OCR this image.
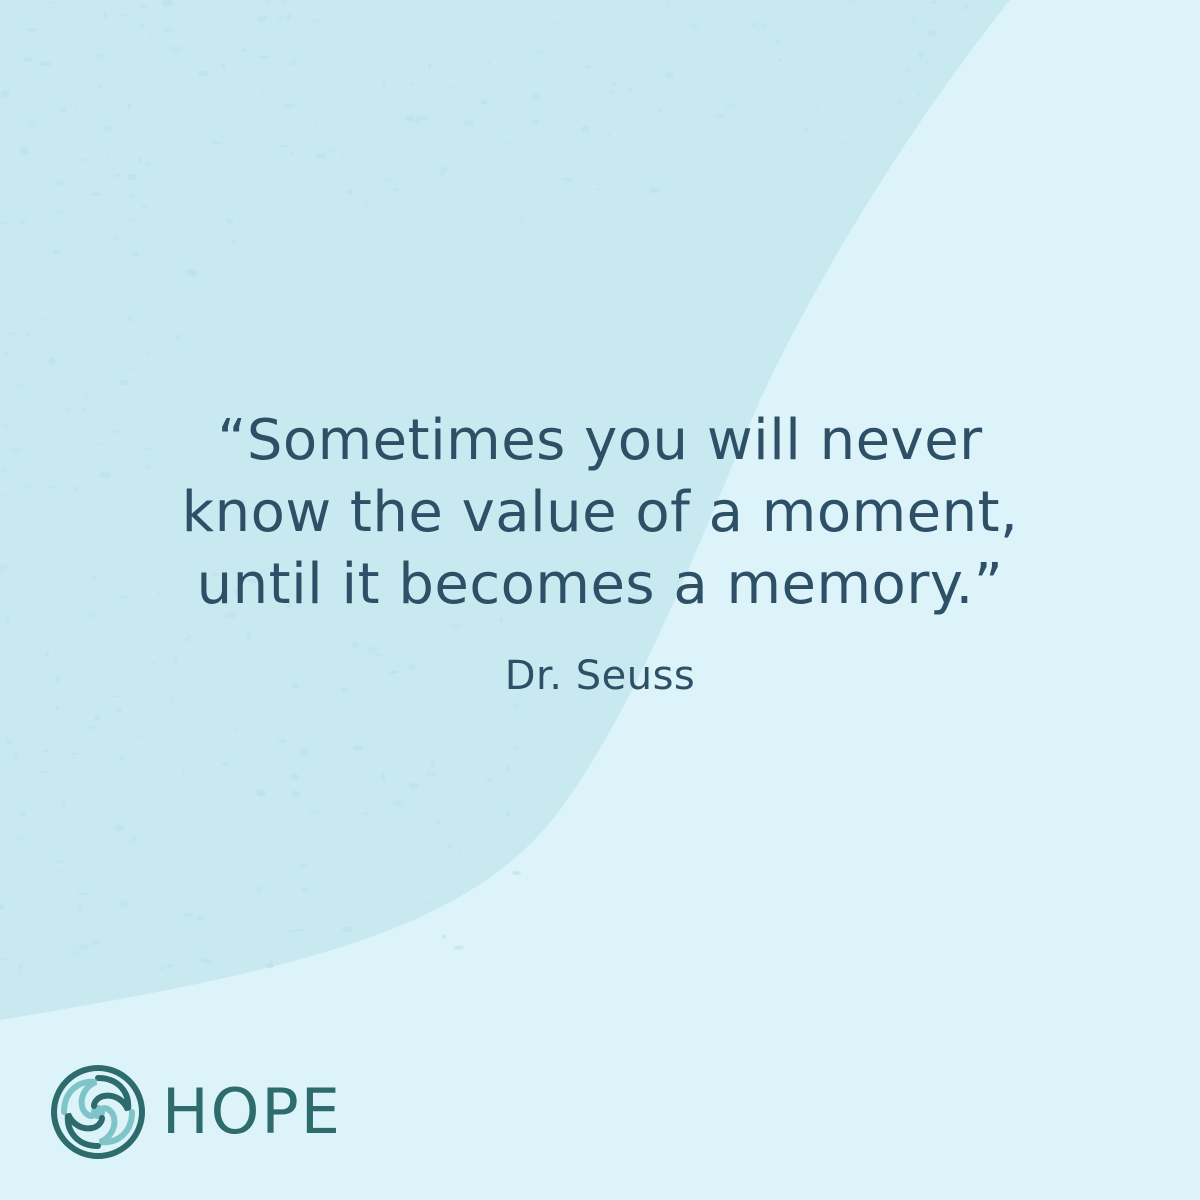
“Sometimes you will never
know the value of a moment,
until it becomes a memory.”
Dr. Seuss
HOPE
